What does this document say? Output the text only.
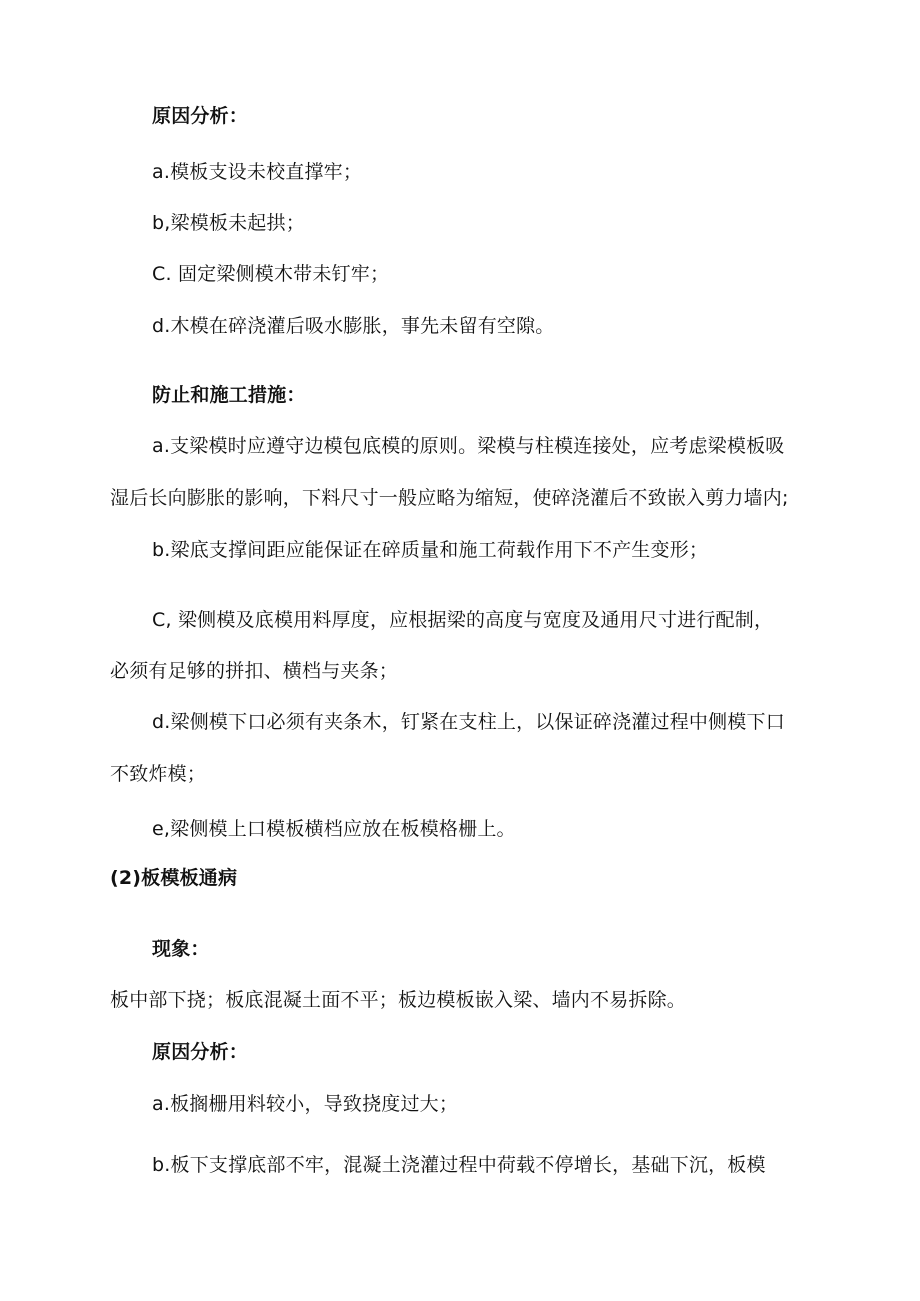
原因分析：
a.模板支设未校直撑牢；
b,梁模板未起拱；
C. 固定梁侧模木带未钉牢；
d.木模在碎浇灌后吸水膨胀，事先未留有空隙。
防止和施工措施：
a.支梁模时应遵守边模包底模的原则。梁模与柱模连接处，应考虑梁模板吸
湿后长向膨胀的影响，下料尺寸一般应略为缩短，使碎浇灌后不致嵌入剪力墙内;
b.梁底支撑间距应能保证在碎质量和施工荷载作用下不产生变形；
C, 梁侧模及底模用料厚度，应根据梁的高度与宽度及通用尺寸进行配制，
必须有足够的拼扣、横档与夹条；
d.梁侧模下口必须有夹条木，钉紧在支柱上，以保证碎浇灌过程中侧模下口
不致炸模；
e,梁侧模上口模板横档应放在板模格栅上。
(2)板模板通病
现象：
板中部下挠；板底混凝土面不平；板边模板嵌入梁、墙内不易拆除。
原因分析：
a.板搁栅用料较小，导致挠度过大；
b.板下支撑底部不牢，混凝土浇灌过程中荷载不停增长，基础下沉，板模
